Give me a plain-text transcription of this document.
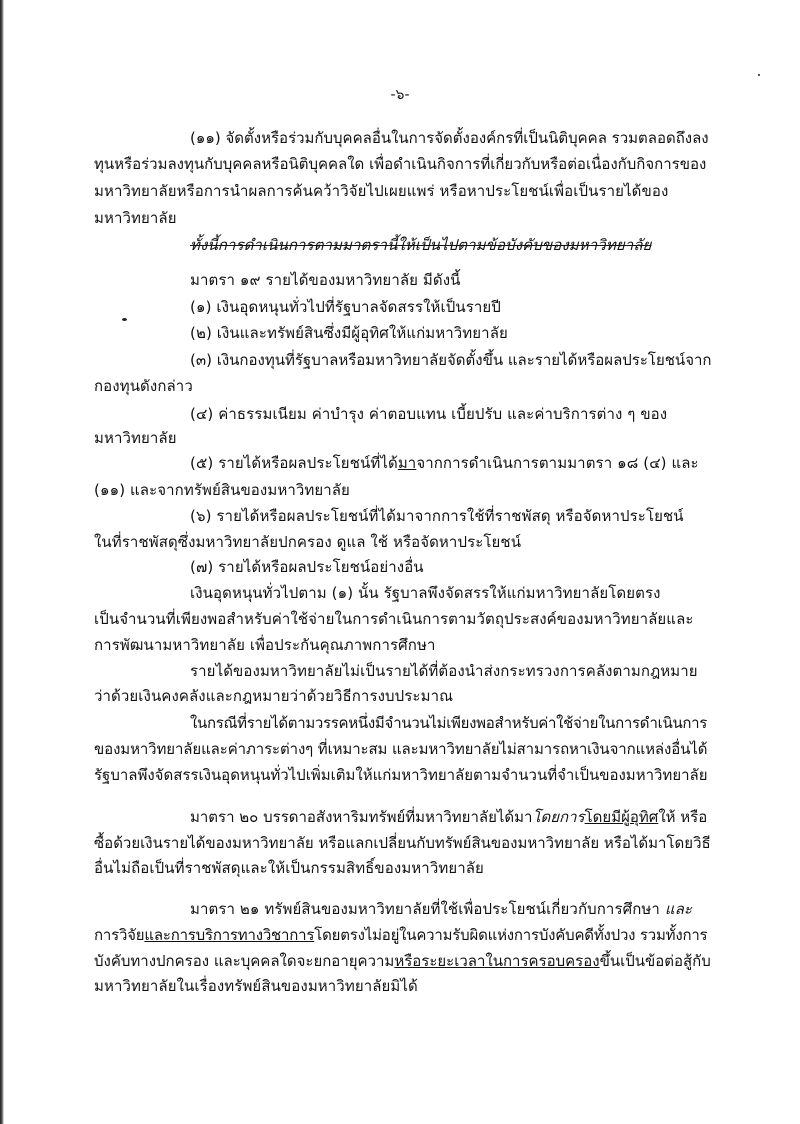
-๖-
(๑๑) จัดตั้งหรือร่วมกับบุคคลอื่นในการจัดตั้งองค์กรที่เป็นนิติบุคคล รวมตลอดถึงลง
ทุนหรือร่วมลงทุนกับบุคคลหรือนิติบุคคลใด เพื่อดำเนินกิจการที่เกี่ยวกับหรือต่อเนื่องกับกิจการของ
มหาวิทยาลัยหรือการนำผลการค้นคว้าวิจัยไปเผยแพร่ หรือหาประโยชน์เพื่อเป็นรายได้ของ
มหาวิทยาลัย
ทั้งนี้การดำเนินการตามมาตรานี้ให้เป็นไปตามข้อบังคับของมหาวิทยาลัย
มาตรา ๑๙ รายได้ของมหาวิทยาลัย มีดังนี้
(๑) เงินอุดหนุนทั่วไปที่รัฐบาลจัดสรรให้เป็นรายปี
(๒) เงินและทรัพย์สินซึ่งมีผู้อุทิศให้แก่มหาวิทยาลัย
(๓) เงินกองทุนที่รัฐบาลหรือมหาวิทยาลัยจัดตั้งขึ้น และรายได้หรือผลประโยชน์จาก
กองทุนดังกล่าว
(๔) ค่าธรรมเนียม ค่าบำรุง ค่าตอบแทน เบี้ยปรับ และค่าบริการต่าง ๆ ของ
มหาวิทยาลัย
(๕) รายได้หรือผลประโยชน์ที่ได้มาจากการดำเนินการตามมาตรา ๑๘ (๔) และ
(๑๑) และจากทรัพย์สินของมหาวิทยาลัย
(๖) รายได้หรือผลประโยชน์ที่ได้มาจากการใช้ที่ราชพัสดุ หรือจัดหาประโยชน์
ในที่ราชพัสดุซึ่งมหาวิทยาลัยปกครอง ดูแล ใช้ หรือจัดหาประโยชน์
(๗) รายได้หรือผลประโยชน์อย่างอื่น
เงินอุดหนุนทั่วไปตาม (๑) นั้น รัฐบาลพึงจัดสรรให้แก่มหาวิทยาลัยโดยตรง
เป็นจำนวนที่เพียงพอสำหรับค่าใช้จ่ายในการดำเนินการตามวัตถุประสงค์ของมหาวิทยาลัยและ
การพัฒนามหาวิทยาลัย เพื่อประกันคุณภาพการศึกษา
รายได้ของมหาวิทยาลัยไม่เป็นรายได้ที่ต้องนำส่งกระทรวงการคลังตามกฎหมาย
ว่าด้วยเงินคงคลังและกฎหมายว่าด้วยวิธีการงบประมาณ
ในกรณีที่รายได้ตามวรรคหนึ่งมีจำนวนไม่เพียงพอสำหรับค่าใช้จ่ายในการดำเนินการ
ของมหาวิทยาลัยและค่าภาระต่างๆ ที่เหมาะสม และมหาวิทยาลัยไม่สามารถหาเงินจากแหล่งอื่นได้
รัฐบาลพึงจัดสรรเงินอุดหนุนทั่วไปเพิ่มเติมให้แก่มหาวิทยาลัยตามจำนวนที่จำเป็นของมหาวิทยาลัย
มาตรา ๒๐ บรรดาอสังหาริมทรัพย์ที่มหาวิทยาลัยได้มาโดยการโดยมีผู้อุทิศให้ หรือ
ซื้อด้วยเงินรายได้ของมหาวิทยาลัย หรือแลกเปลี่ยนกับทรัพย์สินของมหาวิทยาลัย หรือได้มาโดยวิธี
อื่นไม่ถือเป็นที่ราชพัสดุและให้เป็นกรรมสิทธิ์ของมหาวิทยาลัย
มาตรา ๒๑ ทรัพย์สินของมหาวิทยาลัยที่ใช้เพื่อประโยชน์เกี่ยวกับการศึกษา และ
การวิจัยและการบริการทางวิชาการโดยตรงไม่อยู่ในความรับผิดแห่งการบังคับคดีทั้งปวง รวมทั้งการ
บังคับทางปกครอง และบุคคลใดจะยกอายุความหรือระยะเวลาในการครอบครองขึ้นเป็นข้อต่อสู้กับ
มหาวิทยาลัยในเรื่องทรัพย์สินของมหาวิทยาลัยมิได้
